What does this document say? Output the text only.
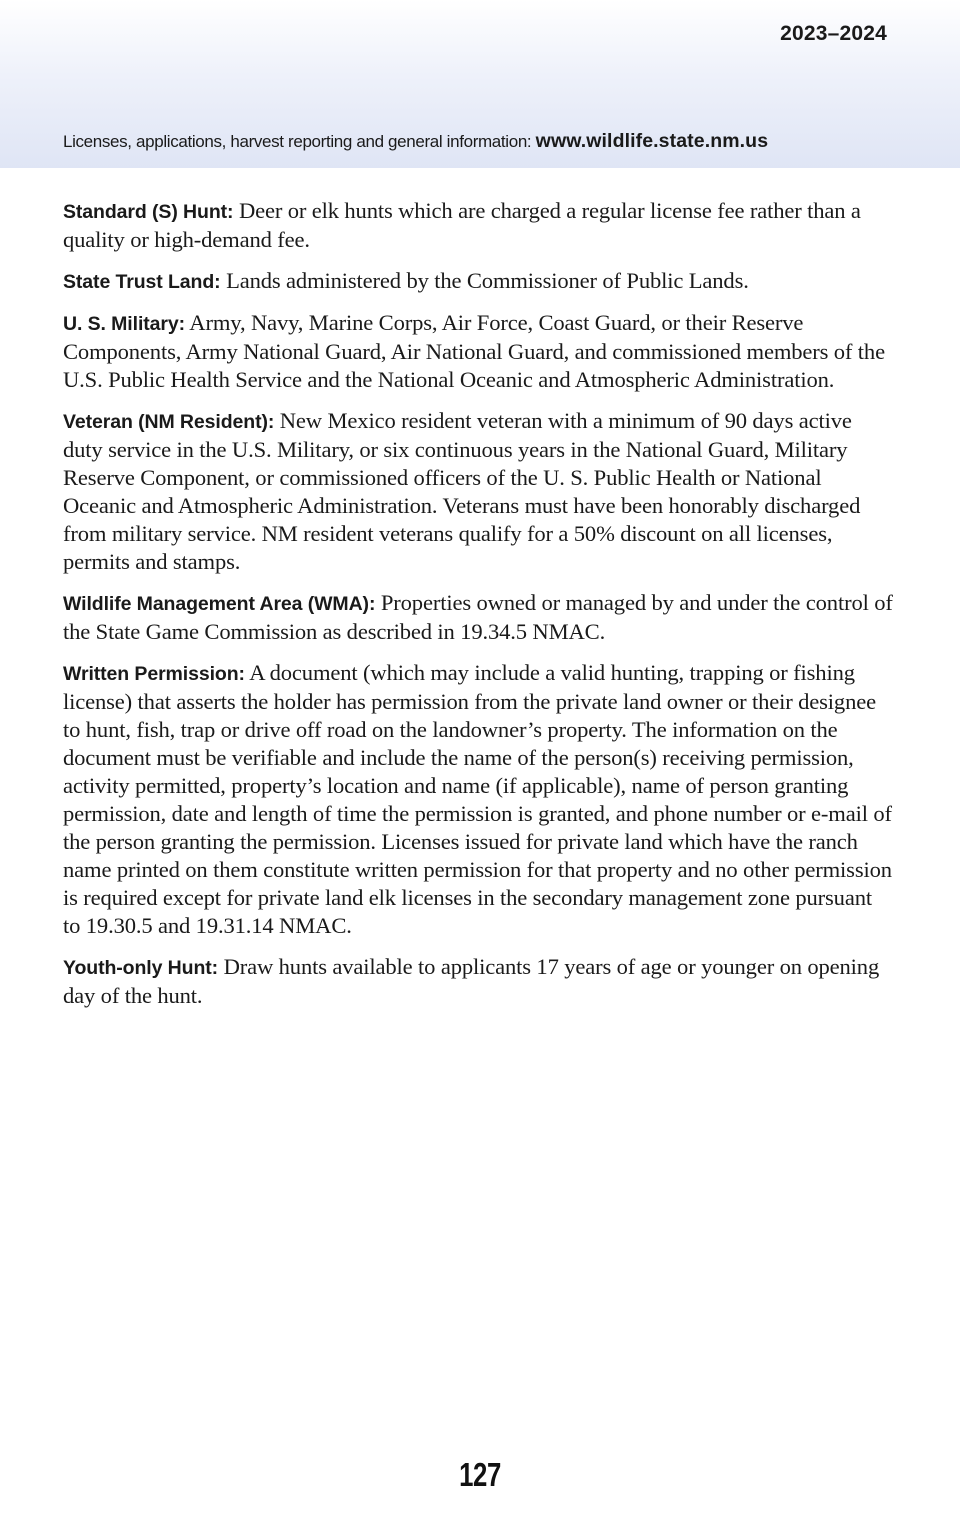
2023–2024
Licenses, applications, harvest reporting and general information: www.wildlife.state.nm.us

Standard (S) Hunt: Deer or elk hunts which are charged a regular license fee rather than a quality or high-demand fee.

State Trust Land: Lands administered by the Commissioner of Public Lands.

U. S. Military: Army, Navy, Marine Corps, Air Force, Coast Guard, or their Reserve Components, Army National Guard, Air National Guard, and commissioned members of the U.S. Public Health Service and the National Oceanic and Atmospheric Administration.

Veteran (NM Resident): New Mexico resident veteran with a minimum of 90 days active duty service in the U.S. Military, or six continuous years in the National Guard, Military Reserve Component, or commissioned officers of the U. S. Public Health or National Oceanic and Atmospheric Administration. Veterans must have been honorably discharged from military service. NM resident veterans qualify for a 50% discount on all licenses, permits and stamps.

Wildlife Management Area (WMA): Properties owned or managed by and under the control of the State Game Commission as described in 19.34.5 NMAC.

Written Permission: A document (which may include a valid hunting, trapping or fishing license) that asserts the holder has permission from the private land owner or their designee to hunt, fish, trap or drive off road on the landowner’s property. The information on the document must be verifiable and include the name of the person(s) receiving permission, activity permitted, property’s location and name (if applicable), name of person granting permission, date and length of time the permission is granted, and phone number or e-mail of the person granting the permission. Licenses issued for private land which have the ranch name printed on them constitute written permission for that property and no other permission is required except for private land elk licenses in the secondary management zone pursuant to 19.30.5 and 19.31.14 NMAC.

Youth-only Hunt: Draw hunts available to applicants 17 years of age or younger on opening day of the hunt.

127
